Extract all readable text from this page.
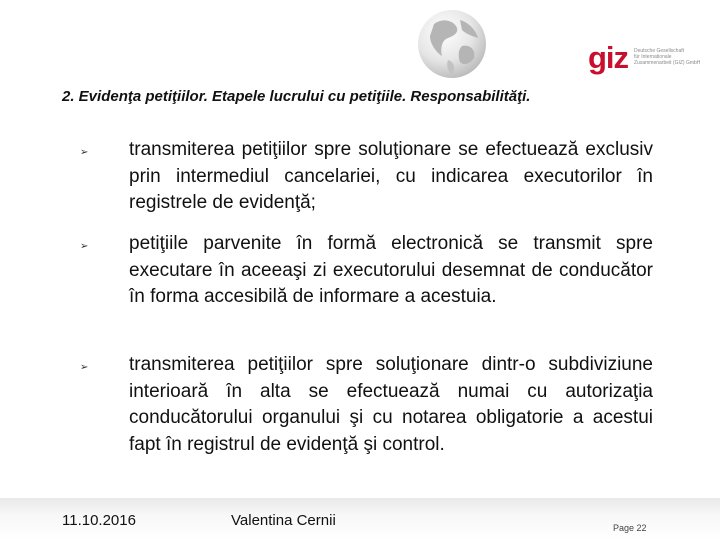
giz Deutsche Gesellschaft
für Internationale
Zusammenarbeit (GIZ) GmbH
2. Evidenţa petiţiilor. Etapele lucrului cu petiţiile. Responsabilităţi.
➢ transmiterea petiţiilor spre soluţionare se efectuează exclusiv prin intermediul cancelariei, cu indicarea executorilor în registrele de evidenţă;
➢ petiţiile parvenite în formă electronică se transmit spre executare în aceeaşi zi executorului desemnat de conducător în forma accesibilă de informare a acestuia.
➢ transmiterea petiţiilor spre soluţionare dintr-o subdiviziune interioară în alta se efectuează numai cu autorizaţia conducătorului organului şi cu notarea obligatorie a acestui fapt în registrul de evidenţă şi control.
11.10.2016	Valentina Cernii	Page 22
